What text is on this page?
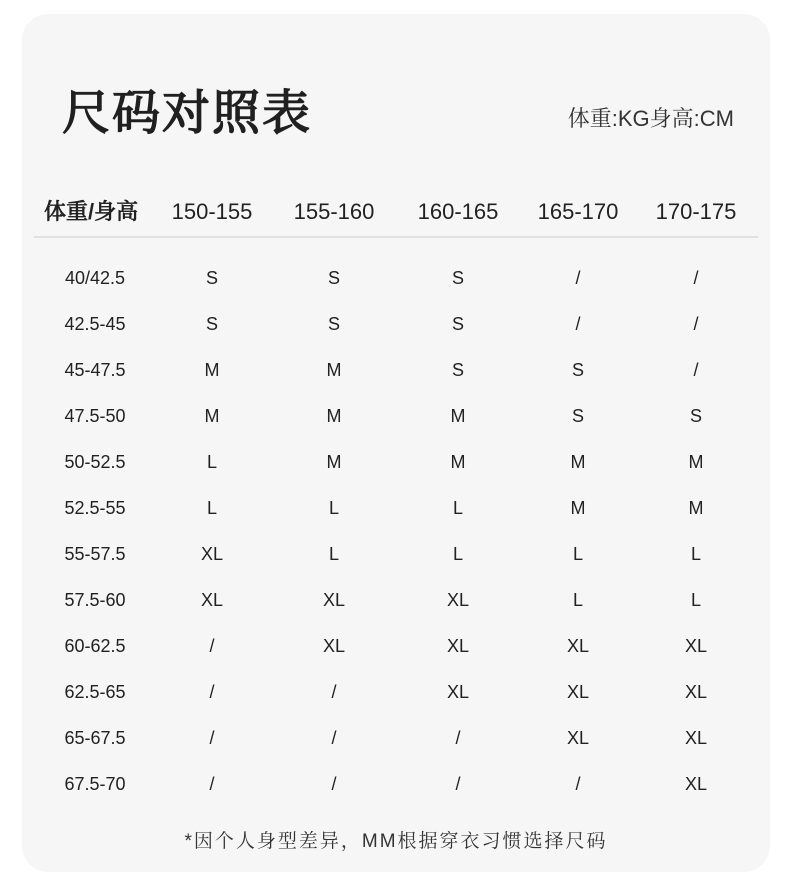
尺码对照表	体重:KG身高:CM
体重/身高	150-155	155-160	160-165	165-170	170-175
40/42.5	S	S	S	/	/
42.5-45	S	S	S	/	/
45-47.5	M	M	S	S	/
47.5-50	M	M	M	S	S
50-52.5	L	M	M	M	M
52.5-55	L	L	L	M	M
55-57.5	XL	L	L	L	L
57.5-60	XL	XL	XL	L	L
60-62.5	/	XL	XL	XL	XL
62.5-65	/	/	XL	XL	XL
65-67.5	/	/	/	XL	XL
67.5-70	/	/	/	/	XL
*因个人身型差异，MM根据穿衣习惯选择尺码
